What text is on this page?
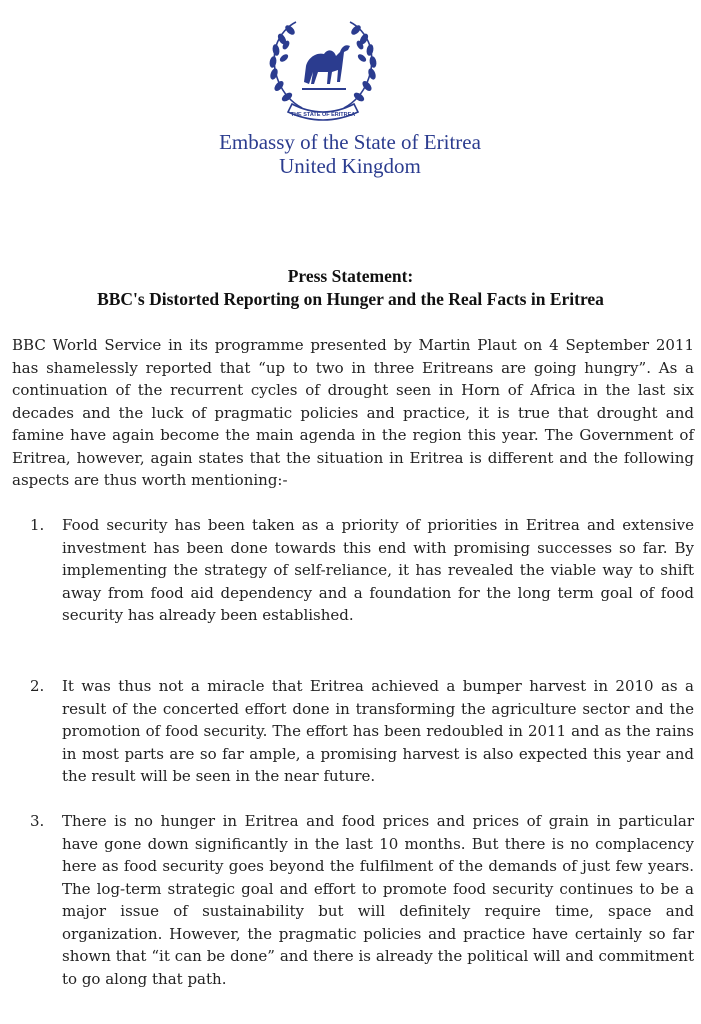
THE STATE OF ERITREA
Embassy of the State of Eritrea
United Kingdom
Press Statement:
BBC's Distorted Reporting on Hunger and the Real Facts in Eritrea

BBC World Service in its programme presented by Martin Plaut on 4 September 2011 has shamelessly reported that “up to two in three Eritreans are going hungry”. As a continuation of the recurrent cycles of drought seen in Horn of Africa in the last six decades and the luck of pragmatic policies and practice, it is true that drought and famine have again become the main agenda in the region this year. The Government of Eritrea, however, again states that the situation in Eritrea is different and the following aspects are thus worth mentioning:-

1. Food security has been taken as a priority of priorities in Eritrea and extensive investment has been done towards this end with promising successes so far. By implementing the strategy of self-reliance, it has revealed the viable way to shift away from food aid dependency and a foundation for the long term goal of food security has already been established.
2. It was thus not a miracle that Eritrea achieved a bumper harvest in 2010 as a result of the concerted effort done in transforming the agriculture sector and the promotion of food security. The effort has been redoubled in 2011 and as the rains in most parts are so far ample, a promising harvest is also expected this year and the result will be seen in the near future.
3. There is no hunger in Eritrea and food prices and prices of grain in particular have gone down significantly in the last 10 months. But there is no complacency here as food security goes beyond the fulfilment of the demands of just few years. The log-term strategic goal and effort to promote food security continues to be a major issue of sustainability but will definitely require time, space and organization. However, the pragmatic policies and practice have certainly so far shown that “it can be done” and there is already the political will and commitment to go along that path.
